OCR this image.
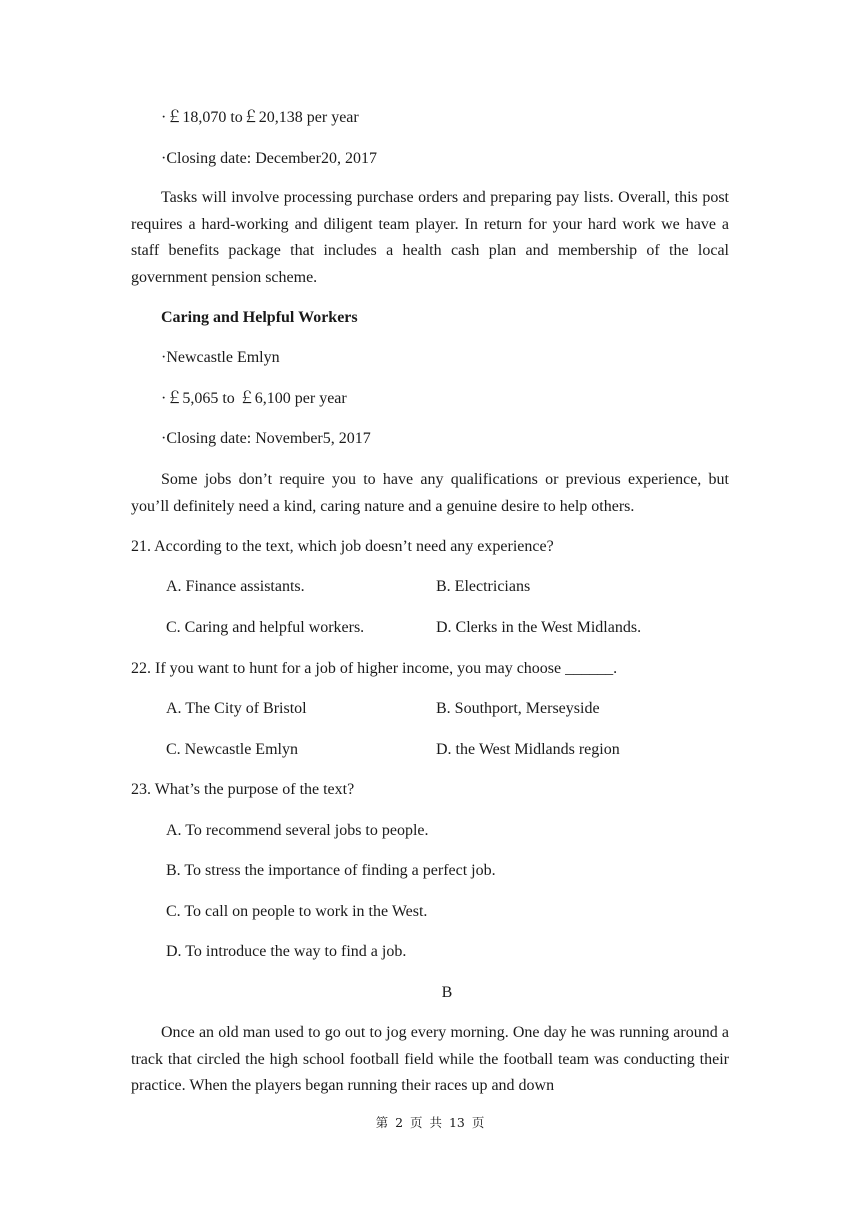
·￡18,070 to￡20,138 per year
·Closing date: December20, 2017
Tasks will involve processing purchase orders and preparing pay lists. Overall, this post requires a hard-working and diligent team player. In return for your hard work we have a staff benefits package that includes a health cash plan and membership of the local government pension scheme.
Caring and Helpful Workers
·Newcastle Emlyn
·￡5,065 to ￡6,100 per year
·Closing date: November5, 2017
Some jobs don’t require you to have any qualifications or previous experience, but you’ll definitely need a kind, caring nature and a genuine desire to help others.
21. According to the text, which job doesn’t need any experience?
A. Finance assistants.	B. Electricians
C. Caring and helpful workers.	D. Clerks in the West Midlands.
22. If you want to hunt for a job of higher income, you may choose ______.
A. The City of Bristol	B. Southport, Merseyside
C. Newcastle Emlyn	D. the West Midlands region
23. What’s the purpose of the text?
A. To recommend several jobs to people.
B. To stress the importance of finding a perfect job.
C. To call on people to work in the West.
D. To introduce the way to find a job.
B
Once an old man used to go out to jog every morning. One day he was running around a track that circled the high school football field while the football team was conducting their practice. When the players began running their races up and down
第 2 页 共 13 页
